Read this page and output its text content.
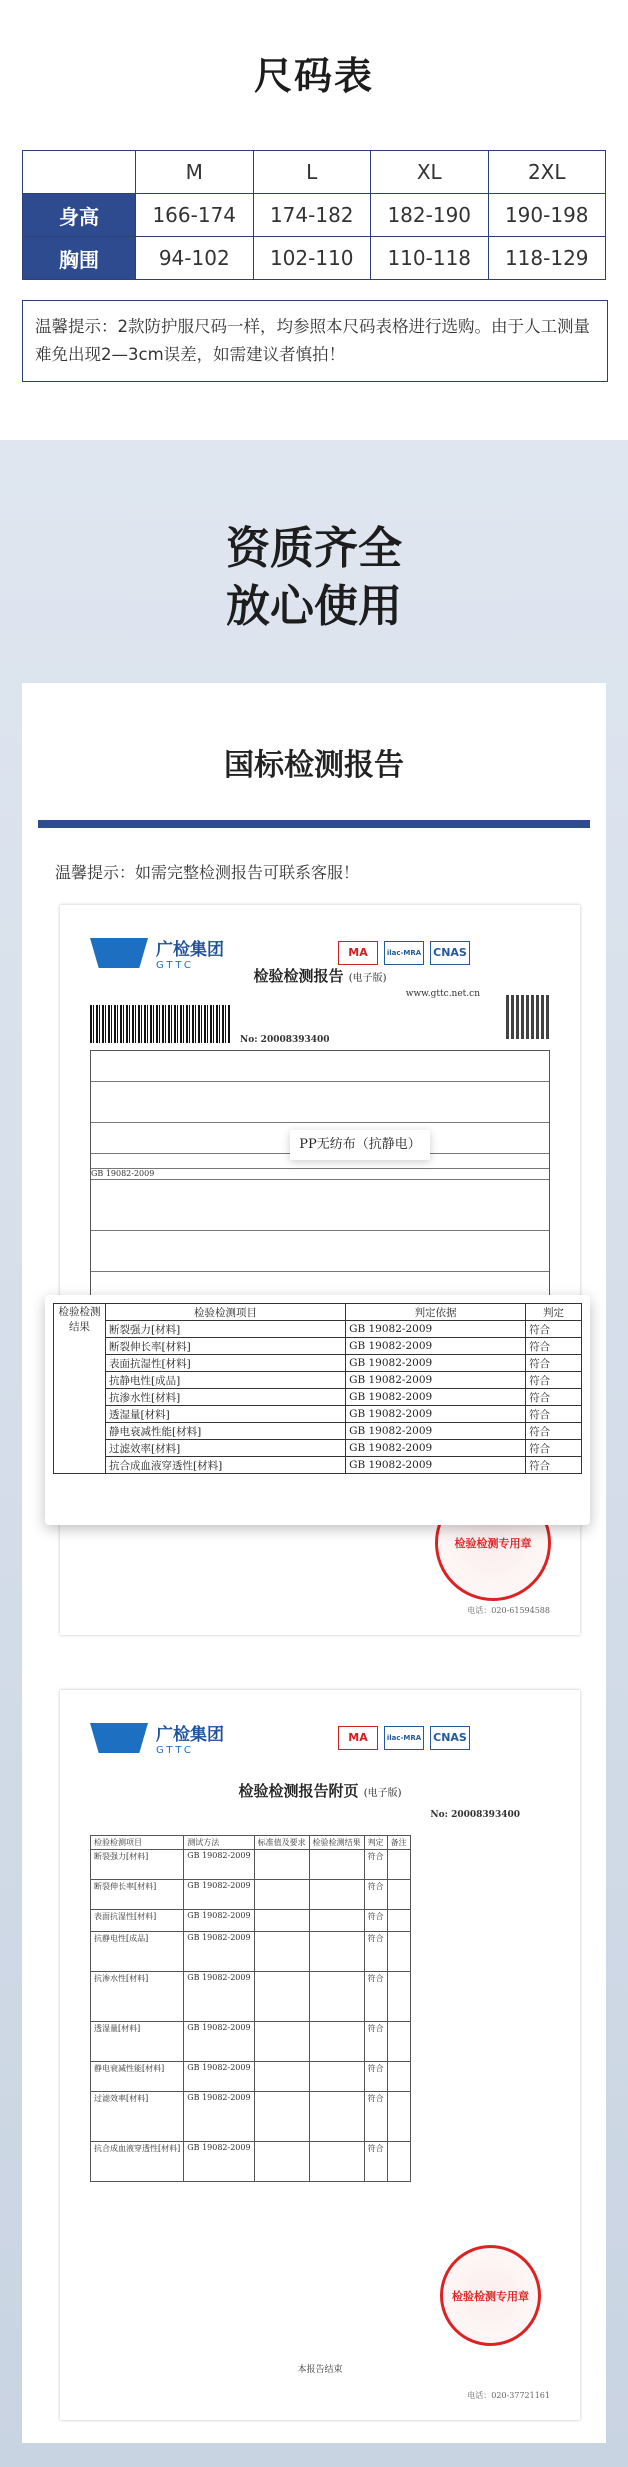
尺码表
尺码	M	L	XL	2XL
身高	166-174	174-182	182-190	190-198
胸围	94-102	102-110	110-118	118-129
温馨提示：2款防护服尺码一样，均参照本尺码表格进行选购。由于人工测量难免出现2—3cm误差，如需建议者慎拍！
资质齐全
放心使用
国标检测报告
温馨提示：如需完整检测报告可联系客服！
广检集团
GTTC
MA	ilac-MRA CNAS
检验检测报告 (电子版)
www.gttc.net.cn
No: 20008393400
GB 19082-2009
检验检测专用章
电话：020-61594588
PP无纺布（抗静电）
检验检测结果	检验检测项目	判定依据	判定
	断裂强力[材料]	GB 19082-2009	符合
	断裂伸长率[材料]	GB 19082-2009	符合
	表面抗湿性[材料]	GB 19082-2009	符合
	抗静电性[成品]	GB 19082-2009	符合
	抗渗水性[材料]	GB 19082-2009	符合
	透湿量[材料]	GB 19082-2009	符合
	静电衰减性能[材料]	GB 19082-2009	符合
	过滤效率[材料]	GB 19082-2009	符合
	抗合成血液穿透性[材料]	GB 19082-2009	符合
广检集团
GTTC
MA	ilac-MRA CNAS
检验检测报告附页 (电子版)
No: 20008393400
检验检测项目	测试方法	标准值及要求	检验检测结果	判定	备注
断裂强力[材料]	GB 19082-2009			符合	
断裂伸长率[材料]	GB 19082-2009			符合	
表面抗湿性[材料]	GB 19082-2009			符合	
抗静电性[成品]	GB 19082-2009			符合	
抗渗水性[材料]	GB 19082-2009			符合	
透湿量[材料]	GB 19082-2009			符合	
静电衰减性能[材料]	GB 19082-2009			符合	
过滤效率[材料]	GB 19082-2009			符合	
抗合成血液穿透性[材料]	GB 19082-2009			符合	
检验检测专用章
本报告结束
电话：020-37721161
